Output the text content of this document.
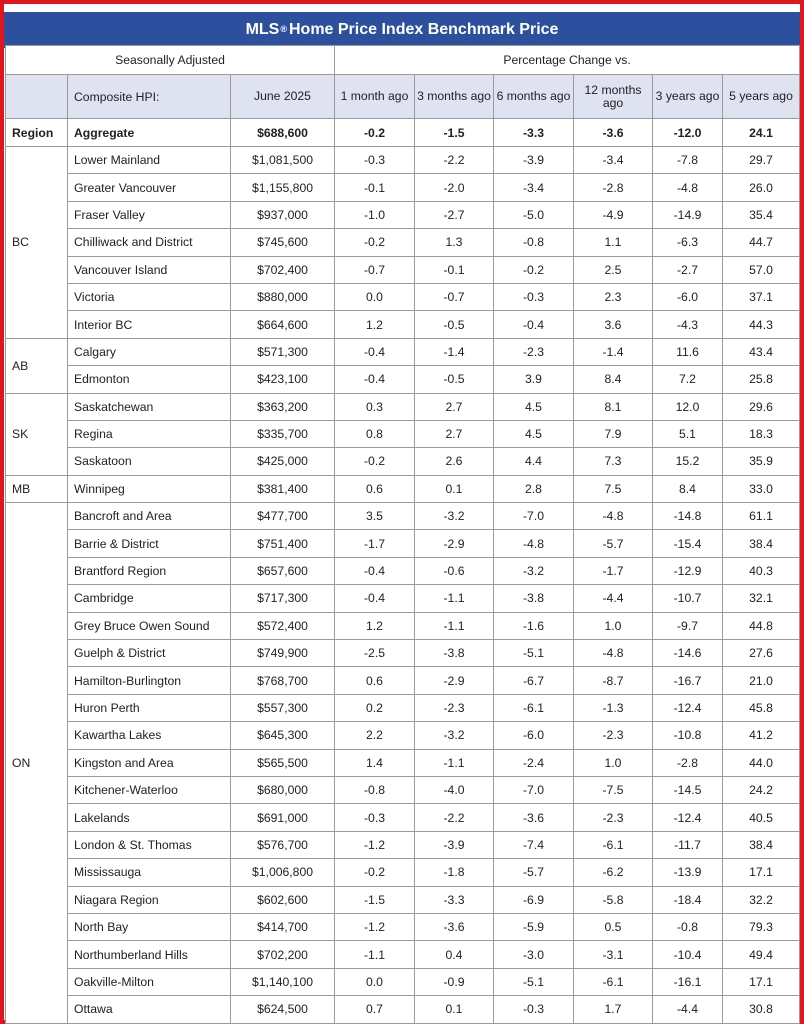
MLS® Home Price Index Benchmark Price
Seasonally Adjusted			Percentage Change vs.					
	Composite HPI:	June 2025	1 month ago	3 months ago	6 months ago	12 months ago	3 years ago	5 years ago
Region	Aggregate	$688,600	-0.2	-1.5	-3.3	-3.6	-12.0	24.1
BC	Lower Mainland	$1,081,500	-0.3	-2.2	-3.9	-3.4	-7.8	29.7
	Greater Vancouver	$1,155,800	-0.1	-2.0	-3.4	-2.8	-4.8	26.0
	Fraser Valley	$937,000	-1.0	-2.7	-5.0	-4.9	-14.9	35.4
	Chilliwack and District	$745,600	-0.2	1.3	-0.8	1.1	-6.3	44.7
	Vancouver Island	$702,400	-0.7	-0.1	-0.2	2.5	-2.7	57.0
	Victoria	$880,000	0.0	-0.7	-0.3	2.3	-6.0	37.1
	Interior BC	$664,600	1.2	-0.5	-0.4	3.6	-4.3	44.3
AB	Calgary	$571,300	-0.4	-1.4	-2.3	-1.4	11.6	43.4
	Edmonton	$423,100	-0.4	-0.5	3.9	8.4	7.2	25.8
SK	Saskatchewan	$363,200	0.3	2.7	4.5	8.1	12.0	29.6
	Regina	$335,700	0.8	2.7	4.5	7.9	5.1	18.3
	Saskatoon	$425,000	-0.2	2.6	4.4	7.3	15.2	35.9
MB	Winnipeg	$381,400	0.6	0.1	2.8	7.5	8.4	33.0
ON	Bancroft and Area	$477,700	3.5	-3.2	-7.0	-4.8	-14.8	61.1
	Barrie & District	$751,400	-1.7	-2.9	-4.8	-5.7	-15.4	38.4
	Brantford Region	$657,600	-0.4	-0.6	-3.2	-1.7	-12.9	40.3
	Cambridge	$717,300	-0.4	-1.1	-3.8	-4.4	-10.7	32.1
	Grey Bruce Owen Sound	$572,400	1.2	-1.1	-1.6	1.0	-9.7	44.8
	Guelph & District	$749,900	-2.5	-3.8	-5.1	-4.8	-14.6	27.6
	Hamilton-Burlington	$768,700	0.6	-2.9	-6.7	-8.7	-16.7	21.0
	Huron Perth	$557,300	0.2	-2.3	-6.1	-1.3	-12.4	45.8
	Kawartha Lakes	$645,300	2.2	-3.2	-6.0	-2.3	-10.8	41.2
	Kingston and Area	$565,500	1.4	-1.1	-2.4	1.0	-2.8	44.0
	Kitchener-Waterloo	$680,000	-0.8	-4.0	-7.0	-7.5	-14.5	24.2
	Lakelands	$691,000	-0.3	-2.2	-3.6	-2.3	-12.4	40.5
	London & St. Thomas	$576,700	-1.2	-3.9	-7.4	-6.1	-11.7	38.4
	Mississauga	$1,006,800	-0.2	-1.8	-5.7	-6.2	-13.9	17.1
	Niagara Region	$602,600	-1.5	-3.3	-6.9	-5.8	-18.4	32.2
	North Bay	$414,700	-1.2	-3.6	-5.9	0.5	-0.8	79.3
	Northumberland Hills	$702,200	-1.1	0.4	-3.0	-3.1	-10.4	49.4
	Oakville-Milton	$1,140,100	0.0	-0.9	-5.1	-6.1	-16.1	17.1
	Ottawa	$624,500	0.7	0.1	-0.3	1.7	-4.4	30.8
